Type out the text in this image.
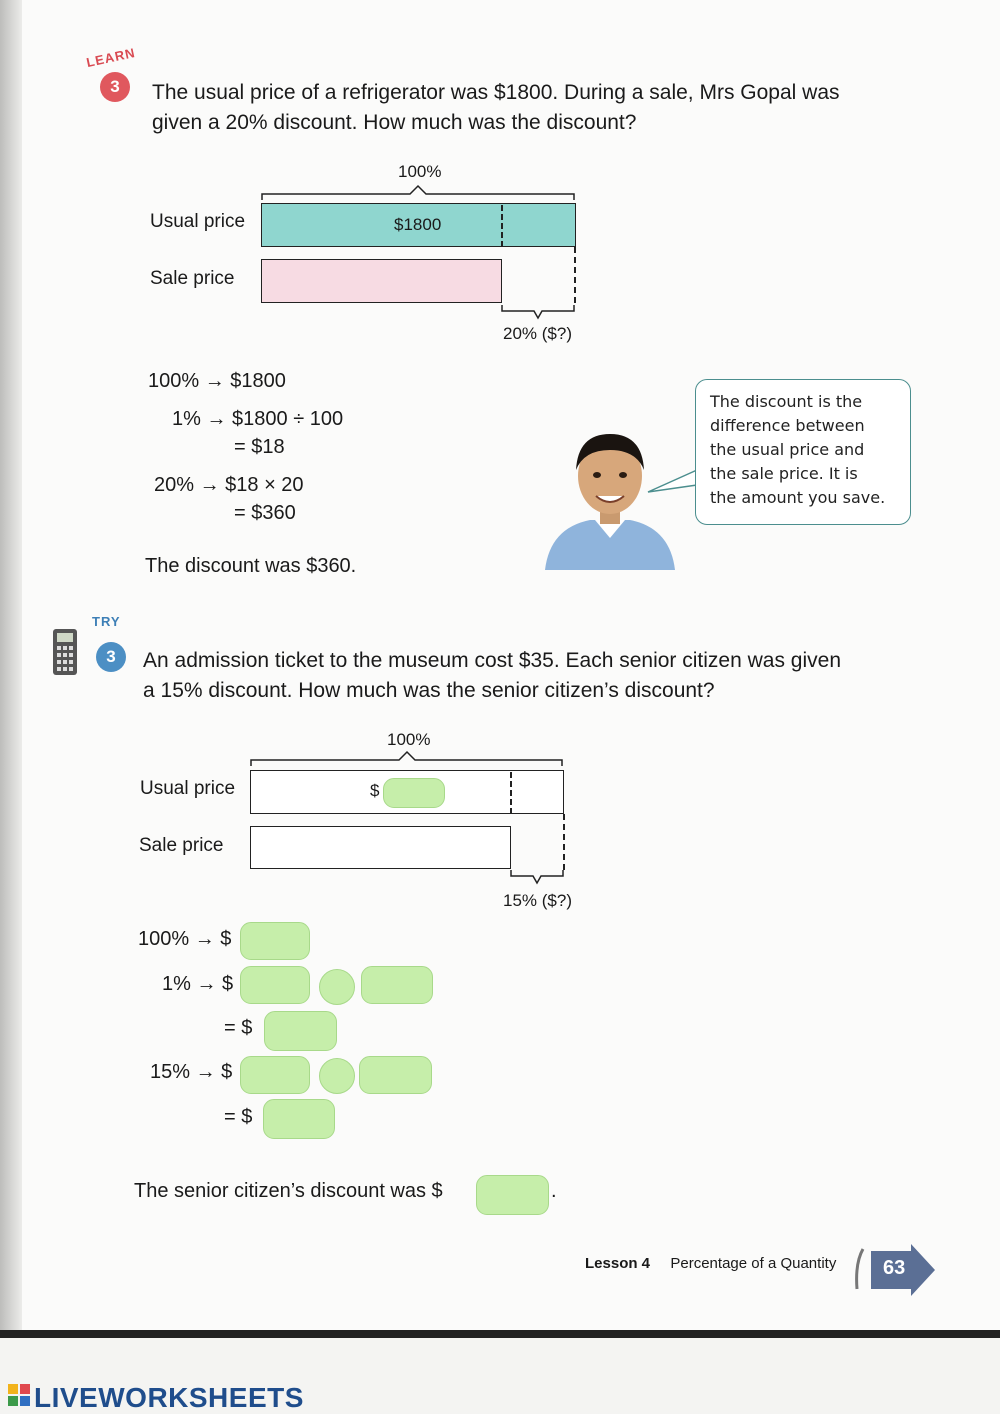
LEARN
3	The usual price of a refrigerator was $1800. During a sale, Mrs Gopal was
given a 20% discount. How much was the discount?
100%
Usual price	$1800
Sale price
20% ($?)
100% → $1800
1% → $1800 ÷ 100
= $18
20% → $18 × 20
= $360
The discount was $360.
The discount is the
difference between
the usual price and
the sale price. It is
the amount you save.
TRY
3	An admission ticket to the museum cost $35. Each senior citizen was given
a 15% discount. How much was the senior citizen’s discount?
100%
Usual price	$
Sale price
15% ($?)
100% → $
1% → $
= $
15% → $
= $
The senior citizen’s discount was $	.
Lesson 4 Percentage of a Quantity 63
LIVEWORKSHEETS
